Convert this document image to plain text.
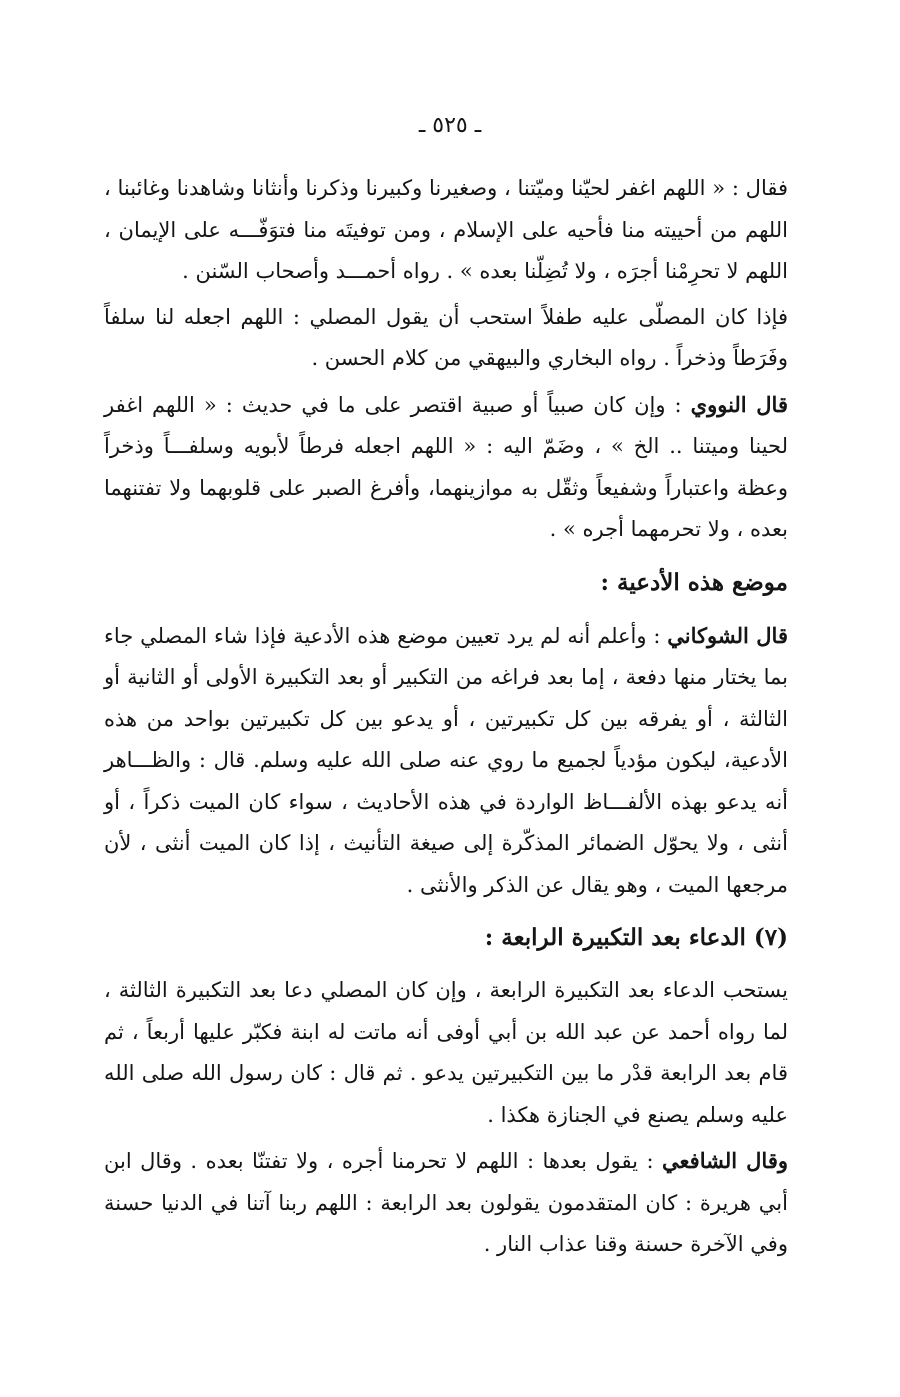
ـ ٥٢٥ ـ

فقال : « اللهم اغفر لحيّنا وميّتنا ، وصغيرنا وكبيرنا وذكرنا وأنثانا وشاهدنا وغائبنا ، اللهم من أحييته منا فأحيه على الإسلام ، ومن توفيتَه منا فتوَفّـــه على الإيمان ، اللهم لا تحرِمْنا أجرَه ، ولا تُضِلّنا بعده » . رواه أحمـــد وأصحاب السّنن .

فإذا كان المصلّى عليه طفلاً استحب أن يقول المصلي : اللهم اجعله لنا سلفاً وفَرَطاً وذخراً . رواه البخاري والبيهقي من كلام الحسن .

قال النووي : وإن كان صبياً أو صبية اقتصر على ما في حديث : « اللهم اغفر لحينا وميتنا .. الخ » ، وضَمّ اليه : « اللهم اجعله فرطاً لأبويه وسلفـــاً وذخراً وعظة واعتباراً وشفيعاً وثقّل به موازينهما، وأفرغ الصبر على قلوبهما ولا تفتنهما بعده ، ولا تحرمهما أجره » .

موضع هذه الأدعية :

قال الشوكاني : وأعلم أنه لم يرد تعيين موضع هذه الأدعية فإذا شاء المصلي جاء بما يختار منها دفعة ، إما بعد فراغه من التكبير أو بعد التكبيرة الأولى أو الثانية أو الثالثة ، أو يفرقه بين كل تكبيرتين ، أو يدعو بين كل تكبيرتين بواحد من هذه الأدعية، ليكون مؤدياً لجميع ما روي عنه صلى الله عليه وسلم. قال : والظـــاهر أنه يدعو بهذه الألفـــاظ الواردة في هذه الأحاديث ، سواء كان الميت ذكراً ، أو أنثى ، ولا يحوّل الضمائر المذكّرة إلى صيغة التأنيث ، إذا كان الميت أنثى ، لأن مرجعها الميت ، وهو يقال عن الذكر والأنثى .

(٧)الدعاء بعد التكبيرة الرابعة :

يستحب الدعاء بعد التكبيرة الرابعة ، وإن كان المصلي دعا بعد التكبيرة الثالثة ، لما رواه أحمد عن عبد الله بن أبي أوفى أنه ماتت له ابنة فكبّر عليها أربعاً ، ثم قام بعد الرابعة قدْر ما بين التكبيرتين يدعو . ثم قال : كان رسول الله صلى الله عليه وسلم يصنع في الجنازة هكذا .

وقال الشافعي : يقول بعدها : اللهم لا تحرمنا أجره ، ولا تفتنّا بعده . وقال ابن أبي هريرة : كان المتقدمون يقولون بعد الرابعة : اللهم ربنا آتنا في الدنيا حسنة وفي الآخرة حسنة وقنا عذاب النار .
